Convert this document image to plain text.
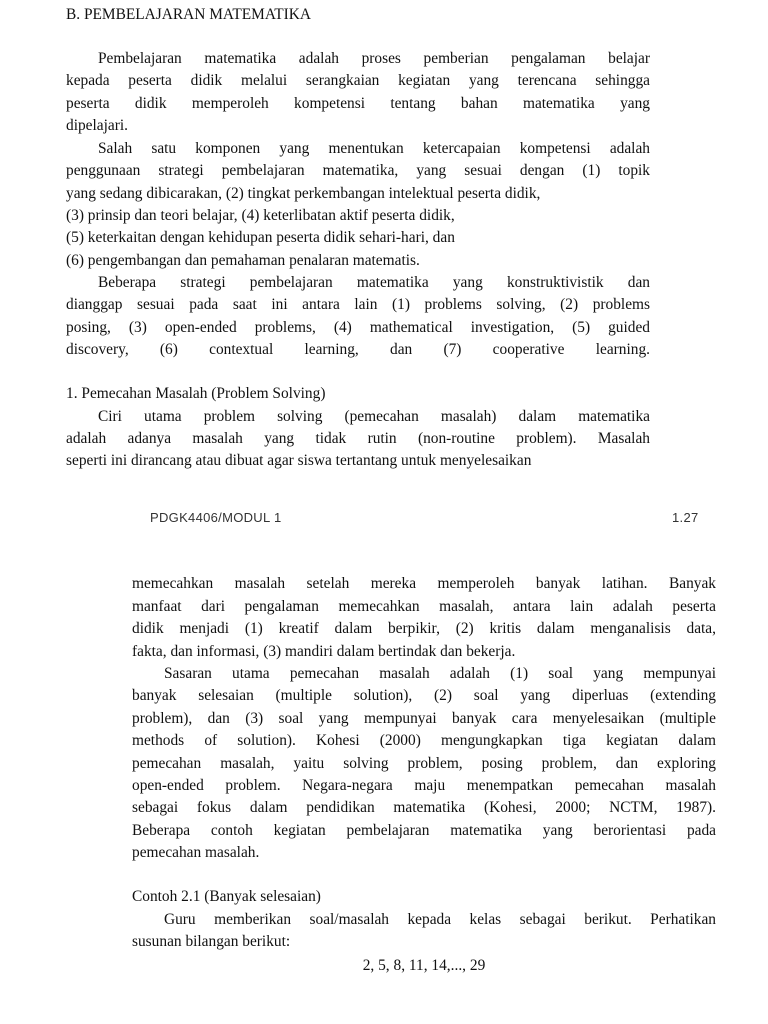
B. PEMBELAJARAN MATEMATIKA
Pembelajaran matematika adalah proses pemberian pengalaman belajar
kepada peserta didik melalui serangkaian kegiatan yang terencana sehingga
peserta didik memperoleh kompetensi tentang bahan matematika yang
dipelajari.
Salah satu komponen yang menentukan ketercapaian kompetensi adalah
penggunaan strategi pembelajaran matematika, yang sesuai dengan (1) topik
yang sedang dibicarakan, (2) tingkat perkembangan intelektual peserta didik,
(3) prinsip dan teori belajar, (4) keterlibatan aktif peserta didik,
(5) keterkaitan dengan kehidupan peserta didik sehari-hari, dan
(6) pengembangan dan pemahaman penalaran matematis.
Beberapa strategi pembelajaran matematika yang konstruktivistik dan
dianggap sesuai pada saat ini antara lain (1) problems solving, (2) problems
posing, (3) open-ended problems, (4) mathematical investigation, (5) guided
discovery, (6) contextual learning, dan (7) cooperative learning.
1. Pemecahan Masalah (Problem Solving)
Ciri utama problem solving (pemecahan masalah) dalam matematika
adalah adanya masalah yang tidak rutin (non-routine problem). Masalah
seperti ini dirancang atau dibuat agar siswa tertantang untuk menyelesaikan
PDGK4406/MODUL 1	1.27
memecahkan masalah setelah mereka memperoleh banyak latihan. Banyak
manfaat dari pengalaman memecahkan masalah, antara lain adalah peserta
didik menjadi (1) kreatif dalam berpikir, (2) kritis dalam menganalisis data,
fakta, dan informasi, (3) mandiri dalam bertindak dan bekerja.
Sasaran utama pemecahan masalah adalah (1) soal yang mempunyai
banyak selesaian (multiple solution), (2) soal yang diperluas (extending
problem), dan (3) soal yang mempunyai banyak cara menyelesaikan (multiple
methods of solution). Kohesi (2000) mengungkapkan tiga kegiatan dalam
pemecahan masalah, yaitu solving problem, posing problem, dan exploring
open-ended problem. Negara-negara maju menempatkan pemecahan masalah
sebagai fokus dalam pendidikan matematika (Kohesi, 2000; NCTM, 1987).
Beberapa contoh kegiatan pembelajaran matematika yang berorientasi pada
pemecahan masalah.
Contoh 2.1 (Banyak selesaian)
Guru memberikan soal/masalah kepada kelas sebagai berikut. Perhatikan
susunan bilangan berikut:
2, 5, 8, 11, 14,..., 29
